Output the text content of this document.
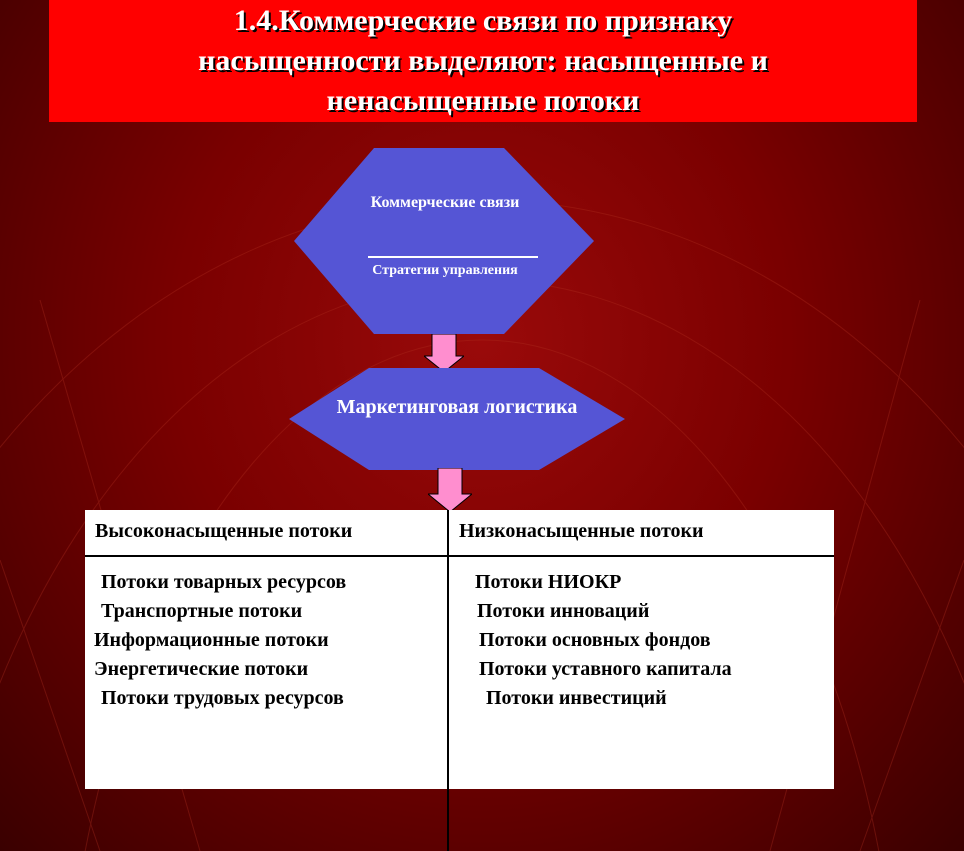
1.4.Коммерческие связи по признаку
насыщенности выделяют: насыщенные и
ненасыщенные потоки
Коммерческие связи
Стратегии управления
Маркетинговая логистика
Высоконасыщенные потоки	Низконасыщенные потоки
Потоки товарных ресурсов
Транспортные потоки
Информационные потоки
Энергетические потоки
Потоки трудовых ресурсов
Потоки НИОКР
Потоки инноваций
Потоки основных фондов
Потоки уставного капитала
Потоки инвестиций
